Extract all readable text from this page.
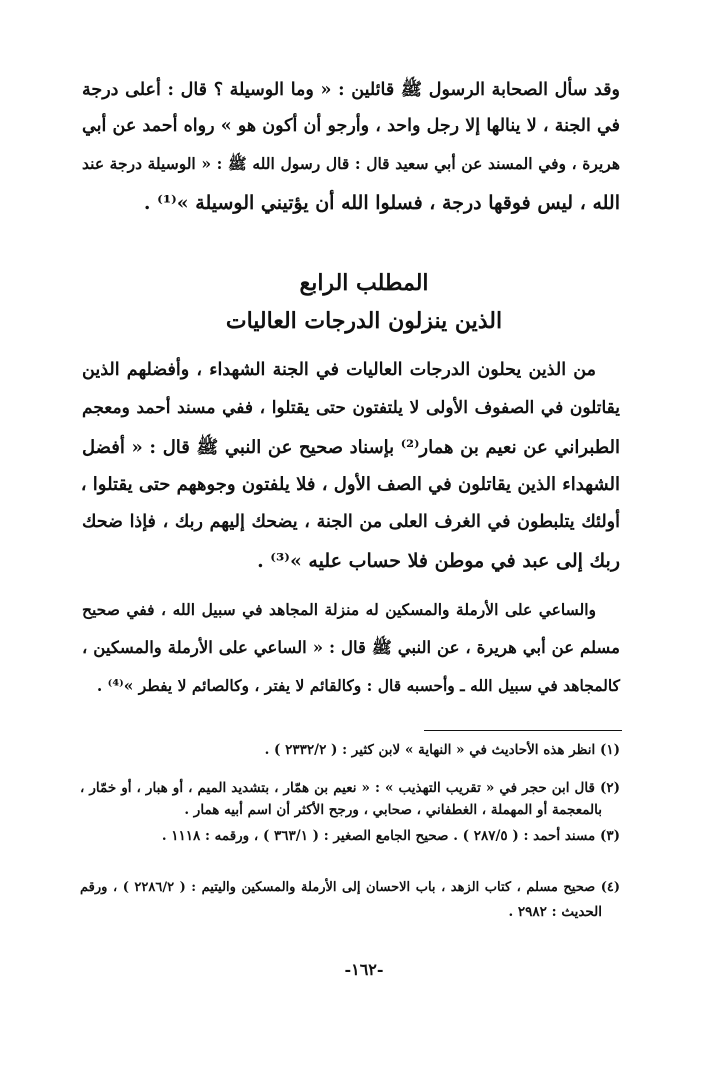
وقد سأل الصحابة الرسول ﷺ قائلين : « وما الوسيلة ؟ قال : أعلى درجة
في الجنة ، لا ينالها إلا رجل واحد ، وأرجو أن أكون هو » رواه أحمد عن أبي
هريرة ، وفي المسند عن أبي سعيد قال : قال رسول الله ﷺ : « الوسيلة درجة عند
الله ، ليس فوقها درجة ، فسلوا الله أن يؤتيني الوسيلة »⁽¹⁾ .
المطلب الرابع
الذين ينزلون الدرجات العاليات
من الذين يحلون الدرجات العاليات في الجنة الشهداء ، وأفضلهم الذين
يقاتلون في الصفوف الأولى لا يلتفتون حتى يقتلوا ، ففي مسند أحمد ومعجم
الطبراني عن نعيم بن همار⁽²⁾ بإسناد صحيح عن النبي ﷺ قال : « أفضل
الشهداء الذين يقاتلون في الصف الأول ، فلا يلفتون وجوههم حتى يقتلوا ،
أولئك يتلبطون في الغرف العلى من الجنة ، يضحك إليهم ربك ، فإذا ضحك
ربك إلى عبد في موطن فلا حساب عليه »⁽³⁾ .
والساعي على الأرملة والمسكين له منزلة المجاهد في سبيل الله ، ففي صحيح
مسلم عن أبي هريرة ، عن النبي ﷺ قال : « الساعي على الأرملة والمسكين ،
كالمجاهد في سبيل الله ـ وأحسبه قال : وكالقائم لا يفتر ، وكالصائم لا يفطر »⁽⁴⁾ .
(١) انظر هذه الأحاديث في « النهاية » لابن كثير : ( ٢٣٣٢/٢ ) .
(٢) قال ابن حجر في « تقريب التهذيب » : « نعيم بن همّار ، بتشديد الميم ، أو هبار ، أو خمّار ،
بالمعجمة أو المهملة ، الغطفاني ، صحابي ، ورجح الأكثر أن اسم أبيه همار .
(٣) مسند أحمد : ( ٢٨٧/٥ ) . صحيح الجامع الصغير : ( ٣٦٣/١ ) ، ورقمه : ١١١٨ .
(٤) صحيح مسلم ، كتاب الزهد ، باب الاحسان إلى الأرملة والمسكين واليتيم : ( ٢٢٨٦/٢ ) ، ورقم
الحديث : ٢٩٨٢ .
-١٦٢-
